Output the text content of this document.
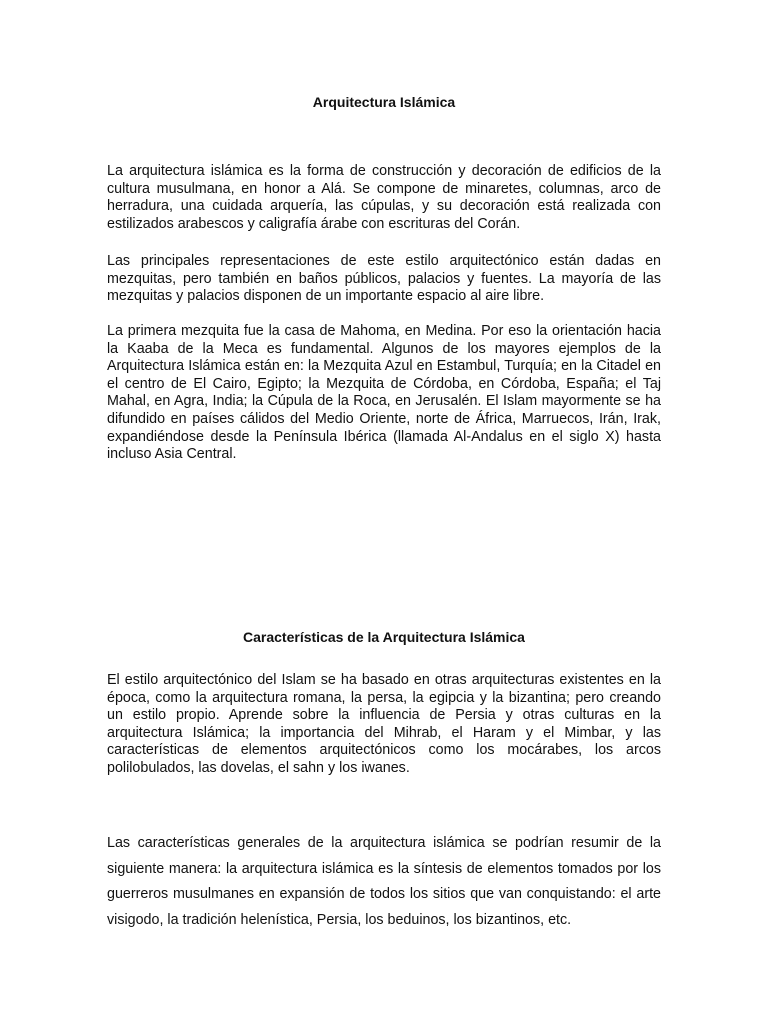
Arquitectura Islámica

La arquitectura islámica es la forma de construcción y decoración de edificios de la cultura musulmana, en honor a Alá. Se compone de minaretes, columnas, arco de herradura, una cuidada arquería, las cúpulas, y su decoración está realizada con estilizados arabescos y caligrafía árabe con escrituras del Corán.

Las principales representaciones de este estilo arquitectónico están dadas en mezquitas, pero también en baños públicos, palacios y fuentes. La mayoría de las mezquitas y palacios disponen de un importante espacio al aire libre.

La primera mezquita fue la casa de Mahoma, en Medina. Por eso la orientación hacia la Kaaba de la Meca es fundamental. Algunos de los mayores ejemplos de la Arquitectura Islámica están en: la Mezquita Azul en Estambul, Turquía; en la Citadel en el centro de El Cairo, Egipto; la Mezquita de Córdoba, en Córdoba, España; el Taj Mahal, en Agra, India; la Cúpula de la Roca, en Jerusalén. El Islam mayormente se ha difundido en países cálidos del Medio Oriente, norte de África, Marruecos, Irán, Irak, expandiéndose desde la Península Ibérica (llamada Al-Andalus en el siglo X) hasta incluso Asia Central.

Características de la Arquitectura Islámica

El estilo arquitectónico del Islam se ha basado en otras arquitecturas existentes en la época, como la arquitectura romana, la persa, la egipcia y la bizantina; pero creando un estilo propio. Aprende sobre la influencia de Persia y otras culturas en la arquitectura Islámica; la importancia del Mihrab, el Haram y el Mimbar, y las características de elementos arquitectónicos como los mocárabes, los arcos polilobulados, las dovelas, el sahn y los iwanes.

Las características generales de la arquitectura islámica se podrían resumir de la siguiente manera: la arquitectura islámica es la síntesis de elementos tomados por los guerreros musulmanes en expansión de todos los sitios que van conquistando: el arte visigodo, la tradición helenística, Persia, los beduinos, los bizantinos, etc.
